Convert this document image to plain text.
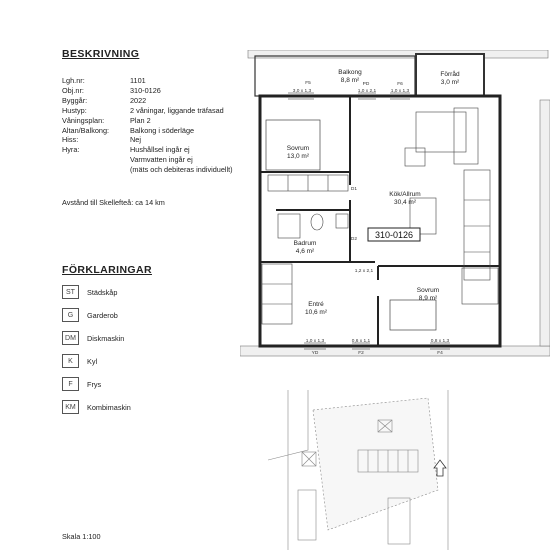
BESKRIVNING
Lgh.nr:	1101
Obj.nr:	310-0126
Byggår:	2022
Hustyp:	2 våningar, liggande träfasad
Våningsplan:	Plan 2
Altan/Balkong:	Balkong i söderläge
Hiss:	Nej
Hyra:	Hushållsel ingår ej
Varmvatten ingår ej
(mäts och debiteras individuellt)
Avstånd till Skellefteå: ca 14 km
FÖRKLARINGAR
ST	Städskåp
G	Garderob
DM	Diskmaskin
K	Kyl
F	Frys
KM	Kombimaskin
Skala 1:100
Balkong
8,8 m²
Förråd
3,0 m²
Sovrum
13,0 m²
Kök/Allrum
30,4 m²
Badrum
4,6 m²
Entré
10,6 m²
Sovrum
8,9 m²
310-0126
F5
3,0 x 1,3	1,0 x 2,1	1,0 x 1,3
PD	F6
D1
D2
1,2 x 2,1
1,0 x 1,3	0,6 x 1,1	0,8 x 1,3
YD	F2	F4
